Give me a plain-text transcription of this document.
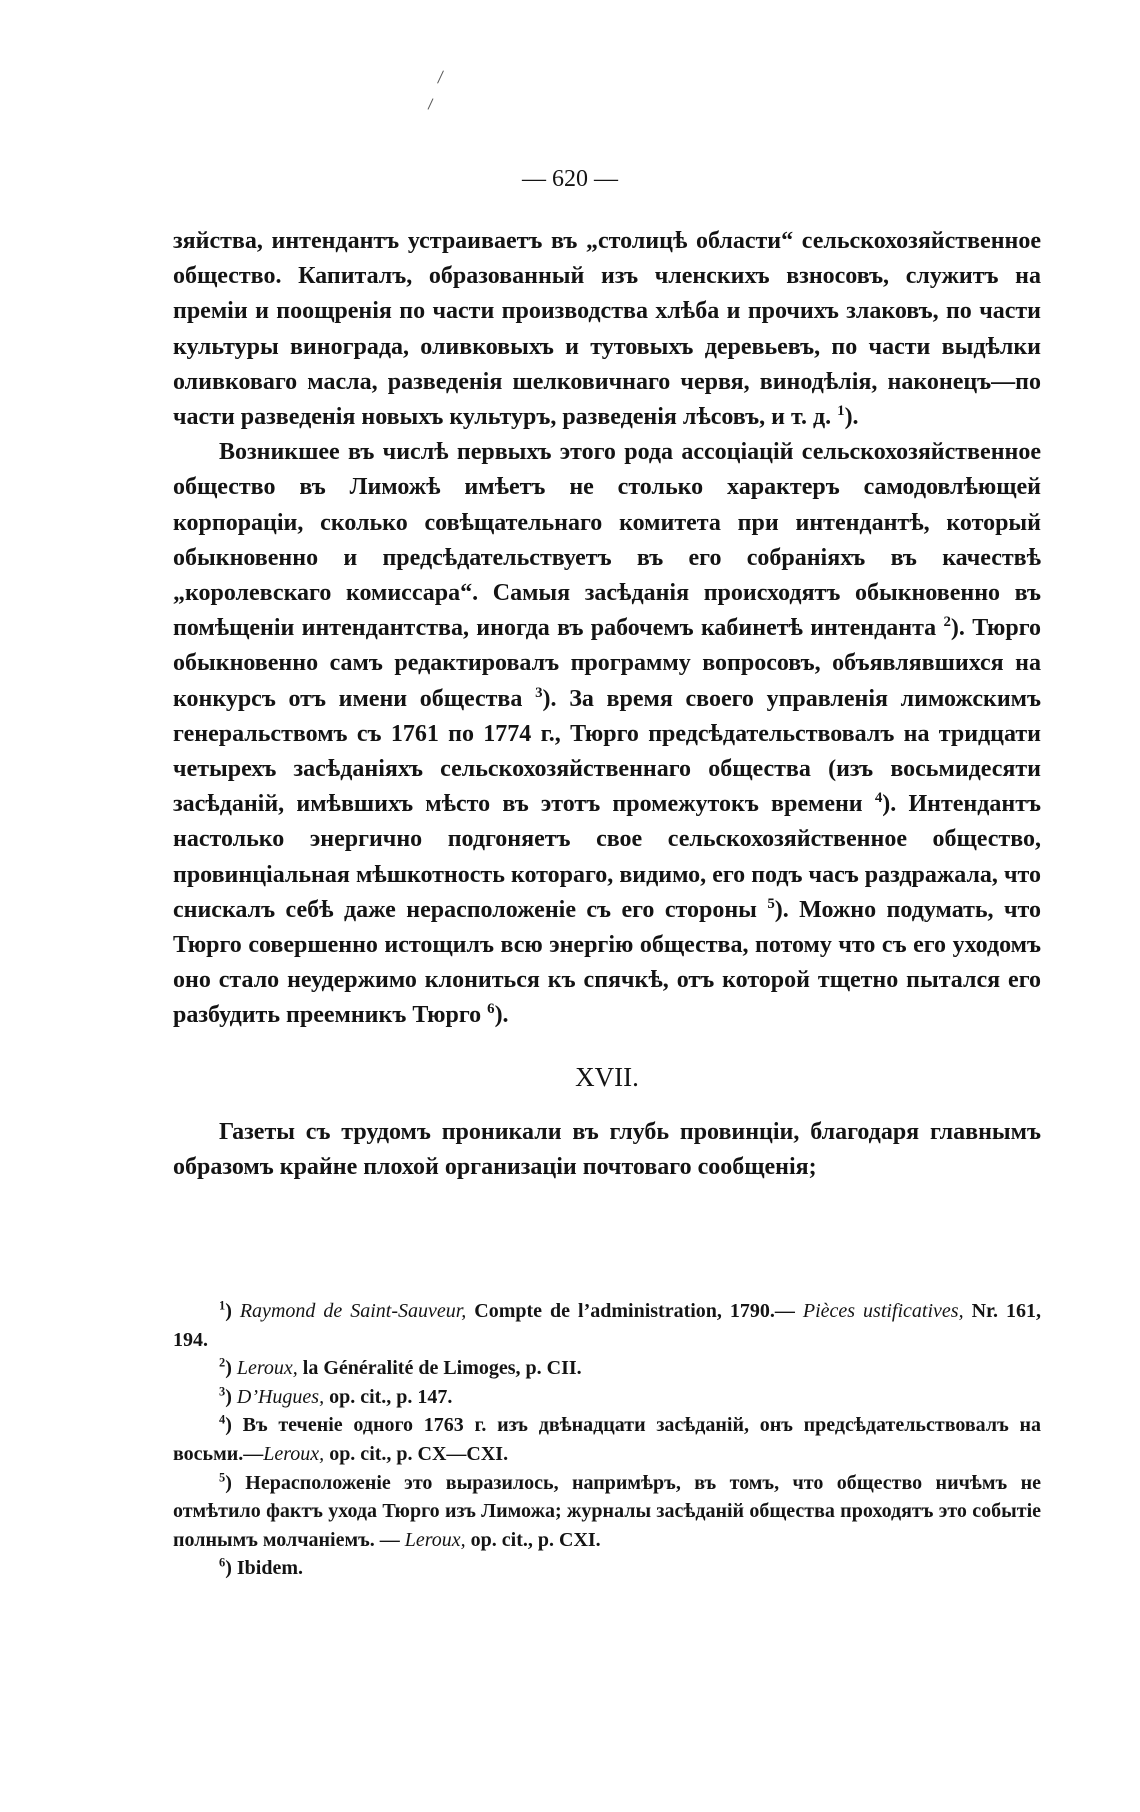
— 620 —

зяйства, интендантъ устраиваетъ въ „столицѣ области“ сельскохозяйственное общество. Капиталъ, образованный изъ членскихъ взносовъ, служитъ на преміи и поощренія по части производства хлѣба и прочихъ злаковъ, по части культуры винограда, оливковыхъ и тутовыхъ деревьевъ, по части выдѣлки оливковаго масла, разведенія шелковичнаго червя, винодѣлія, наконецъ—по части разведенія новыхъ культуръ, разведенія лѣсовъ, и т. д. $^1$).

Возникшее въ числѣ первыхъ этого рода ассоціацій сельскохозяйственное общество въ Лиможѣ имѣетъ не столько характеръ самодовлѣющей корпораціи, сколько совѣщательнаго комитета при интендантѣ, который обыкновенно и предсѣдательствуетъ въ его собраніяхъ въ качествѣ „королевскаго комиссара“. Самыя засѣданія происходятъ обыкновенно въ помѣщеніи интендантства, иногда въ рабочемъ кабинетѣ интенданта $^2$). Тюрго обыкновенно самъ редактировалъ программу вопросовъ, объявлявшихся на конкурсъ отъ имени общества $^3$). За время своего управленія лиможскимъ генеральствомъ съ 1761 по 1774 г., Тюрго предсѣдательствовалъ на тридцати четырехъ засѣданіяхъ сельскохозяйственнаго общества (изъ восьмидесяти засѣданій, имѣвшихъ мѣсто въ этотъ промежутокъ времени $^4$). Интендантъ настолько энергично подгоняетъ свое сельскохозяйственное общество, провинціальная мѣшкотность котораго, видимо, его подъ часъ раздражала, что снискалъ себѣ даже нерасположеніе съ его стороны $^5$). Можно подумать, что Тюрго совершенно истощилъ всю энергію общества, потому что съ его уходомъ оно стало неудержимо клониться къ спячкѣ, отъ которой тщетно пытался его разбудить преемникъ Тюрго $^6$).

XVII.

Газеты съ трудомъ проникали въ глубь провинціи, благодаря главнымъ образомъ крайне плохой организаціи почтоваго сообщенія;

$^1$) Raymond de Saint-Sauveur, Compte de l’administration, 1790.— Pièces ustificatives, Nr. 161, 194.

$^2$) Leroux, la Généralité de Limoges, p. CII.

$^3$) D’Hugues, op. cit., p. 147.

$^4$) Въ теченіе одного 1763 г. изъ двѣнадцати засѣданій, онъ предсѣдательствовалъ на восьми.—Leroux, op. cit., p. CX—CXI.

$^5$) Нерасположеніе это выразилось, напримѣръ, въ томъ, что общество ничѣмъ не отмѣтило фактъ ухода Тюрго изъ Лиможа; журналы засѣданій общества проходятъ это событіе полнымъ молчаніемъ. — Leroux, op. cit., p. CXI.

$^6$) Ibidem.
